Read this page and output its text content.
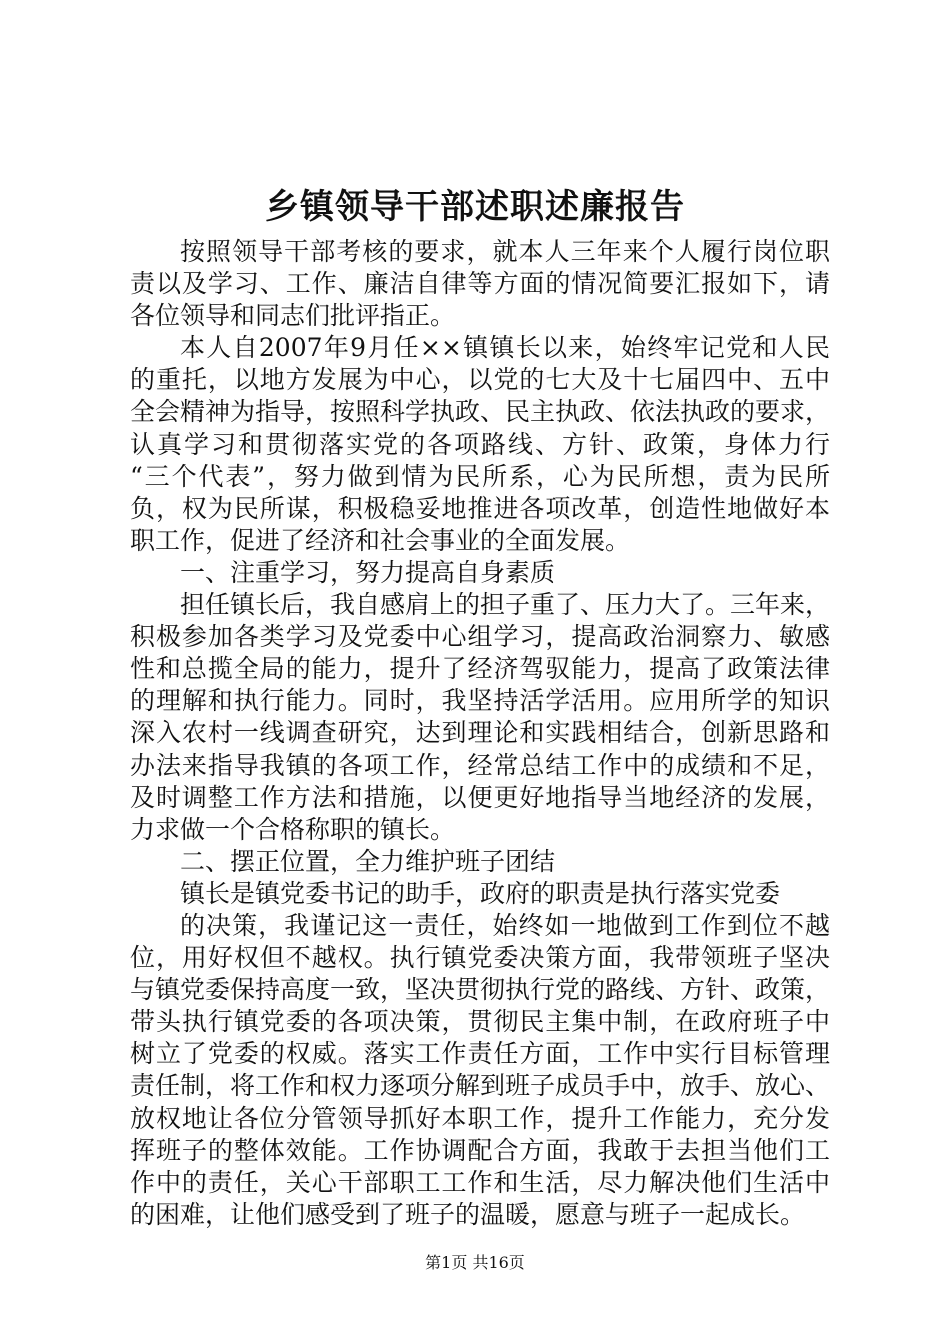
乡镇领导干部述职述廉报告
按照领导干部考核的要求，就本人三年来个人履行岗位职
责以及学习、工作、廉洁自律等方面的情况简要汇报如下，请
各位领导和同志们批评指正。
本人自2007年9月任××镇镇长以来，始终牢记党和人民
的重托，以地方发展为中心，以党的七大及十七届四中、五中
全会精神为指导，按照科学执政、民主执政、依法执政的要求，
认真学习和贯彻落实党的各项路线、方针、政策，身体力行
“三个代表”，努力做到情为民所系，心为民所想，责为民所
负，权为民所谋，积极稳妥地推进各项改革，创造性地做好本
职工作，促进了经济和社会事业的全面发展。
一、注重学习，努力提高自身素质
担任镇长后，我自感肩上的担子重了、压力大了。三年来，
积极参加各类学习及党委中心组学习，提高政治洞察力、敏感
性和总揽全局的能力，提升了经济驾驭能力，提高了政策法律
的理解和执行能力。同时，我坚持活学活用。应用所学的知识
深入农村一线调查研究，达到理论和实践相结合，创新思路和
办法来指导我镇的各项工作，经常总结工作中的成绩和不足，
及时调整工作方法和措施，以便更好地指导当地经济的发展，
力求做一个合格称职的镇长。
二、摆正位置，全力维护班子团结
镇长是镇党委书记的助手，政府的职责是执行落实党委
的决策，我谨记这一责任，始终如一地做到工作到位不越
位，用好权但不越权。执行镇党委决策方面，我带领班子坚决
与镇党委保持高度一致，坚决贯彻执行党的路线、方针、政策，
带头执行镇党委的各项决策，贯彻民主集中制，在政府班子中
树立了党委的权威。落实工作责任方面，工作中实行目标管理
责任制，将工作和权力逐项分解到班子成员手中，放手、放心、
放权地让各位分管领导抓好本职工作，提升工作能力，充分发
挥班子的整体效能。工作协调配合方面，我敢于去担当他们工
作中的责任，关心干部职工工作和生活，尽力解决他们生活中
的困难，让他们感受到了班子的温暖，愿意与班子一起成长。
第1页 共16页
